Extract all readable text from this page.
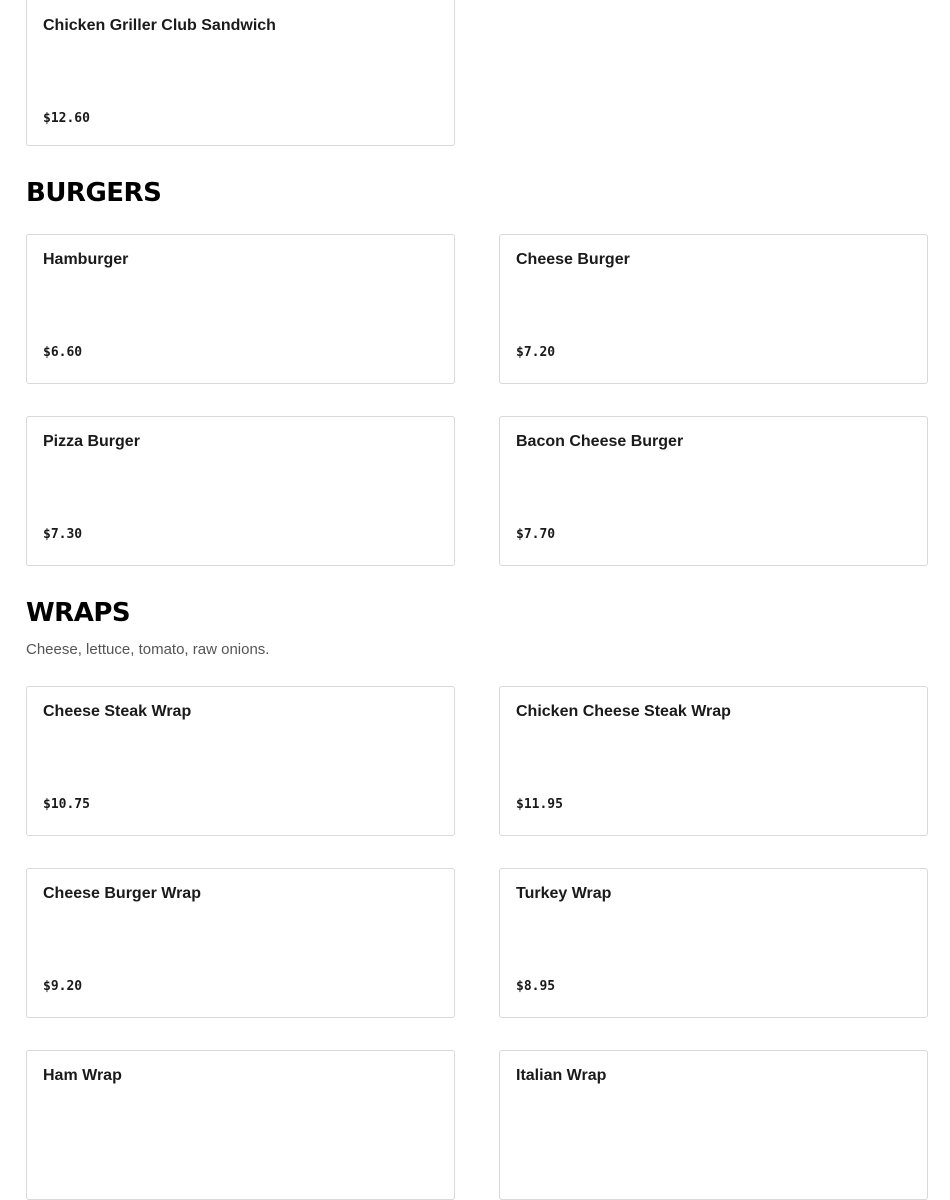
Chicken Griller Club Sandwich
$12.60
BURGERS
Hamburger
$6.60
Cheese Burger
$7.20
Pizza Burger
$7.30
Bacon Cheese Burger
$7.70
WRAPS

Cheese, lettuce, tomato, raw onions.

Cheese Steak Wrap
$10.75
Chicken Cheese Steak Wrap
$11.95
Cheese Burger Wrap
$9.20
Turkey Wrap
$8.95
Ham Wrap	Italian Wrap
